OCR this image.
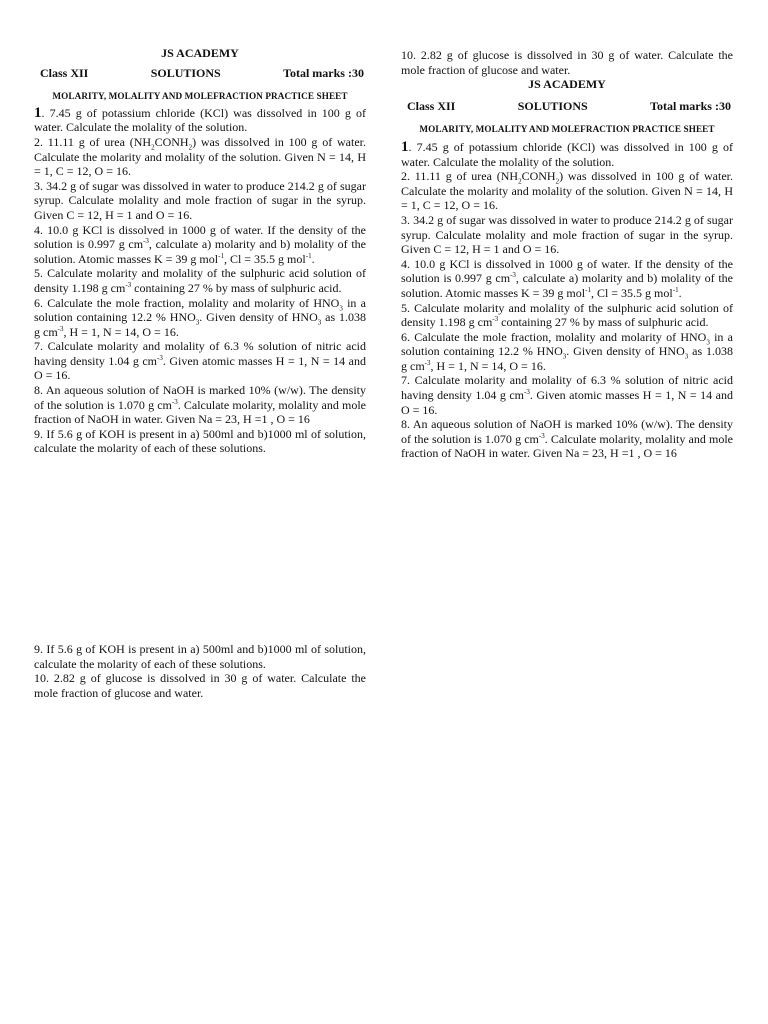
JS ACADEMY

Class XII	SOLUTIONS	Total marks :30
MOLARITY, MOLALITY AND MOLEFRACTION PRACTICE SHEET

1. 7.45 g of potassium chloride (KCl) was dissolved in 100 g of water. Calculate the molality of the solution.

2. 11.11 g of urea $(NH_2CONH_2)$ was dissolved in 100 g of water. Calculate the molarity and molality of the solution. Given N = 14, H = 1, C = 12, O = 16.

3. 34.2 g of sugar was dissolved in water to produce 214.2 g of sugar syrup. Calculate molality and mole fraction of sugar in the syrup. Given C = 12, H = 1 and O = 16.

4. 10.0 g KCl is dissolved in 1000 g of water. If the density of the solution is 0.997 g $cm^{-3}$, calculate a) molarity and b) molality of the solution. Atomic masses K = 39 g mol$^{-1}$, Cl = 35.5 g mol$^{-1}$.

5. Calculate molarity and molality of the sulphuric acid solution of density 1.198 g $cm^{-3}$ containing 27 % by mass of sulphuric acid.

6. Calculate the mole fraction, molality and molarity of $HNO_3$ in a solution containing 12.2 % $HNO_3$. Given density of $HNO_3$ as 1.038 g $cm^{-3}$, H = 1, N = 14, O = 16.

7. Calculate molarity and molality of 6.3 % solution of nitric acid having density 1.04 g $cm^{-3}$. Given atomic masses H = 1, N = 14 and O = 16.

8. An aqueous solution of NaOH is marked 10% (w/w). The density of the solution is 1.070 g $cm^{-3}$. Calculate molarity, molality and mole fraction of NaOH in water. Given Na = 23, H =1 , O = 16

9. If 5.6 g of KOH is present in a) 500ml and b)1000 ml of solution, calculate the molarity of each of these solutions.

9. If 5.6 g of KOH is present in a) 500ml and b)1000 ml of solution, calculate the molarity of each of these solutions.

10. 2.82 g of glucose is dissolved in 30 g of water. Calculate the mole fraction of glucose and water.

10. 2.82 g of glucose is dissolved in 30 g of water. Calculate the mole fraction of glucose and water.

JS ACADEMY

Class XII	SOLUTIONS	Total marks :30
MOLARITY, MOLALITY AND MOLEFRACTION PRACTICE SHEET

1. 7.45 g of potassium chloride (KCl) was dissolved in 100 g of water. Calculate the molality of the solution.

2. 11.11 g of urea $(NH_2CONH_2)$ was dissolved in 100 g of water. Calculate the molarity and molality of the solution. Given N = 14, H = 1, C = 12, O = 16.

3. 34.2 g of sugar was dissolved in water to produce 214.2 g of sugar syrup. Calculate molality and mole fraction of sugar in the syrup. Given C = 12, H = 1 and O = 16.

4. 10.0 g KCl is dissolved in 1000 g of water. If the density of the solution is 0.997 g $cm^{-3}$, calculate a) molarity and b) molality of the solution. Atomic masses K = 39 g mol$^{-1}$, Cl = 35.5 g mol$^{-1}$.

5. Calculate molarity and molality of the sulphuric acid solution of density 1.198 g $cm^{-3}$ containing 27 % by mass of sulphuric acid.

6. Calculate the mole fraction, molality and molarity of $HNO_3$ in a solution containing 12.2 % $HNO_3$. Given density of $HNO_3$ as 1.038 g $cm^{-3}$, H = 1, N = 14, O = 16.

7. Calculate molarity and molality of 6.3 % solution of nitric acid having density 1.04 g $cm^{-3}$. Given atomic masses H = 1, N = 14 and O = 16.

8. An aqueous solution of NaOH is marked 10% (w/w). The density of the solution is 1.070 g $cm^{-3}$. Calculate molarity, molality and mole fraction of NaOH in water. Given Na = 23, H =1 , O = 16
